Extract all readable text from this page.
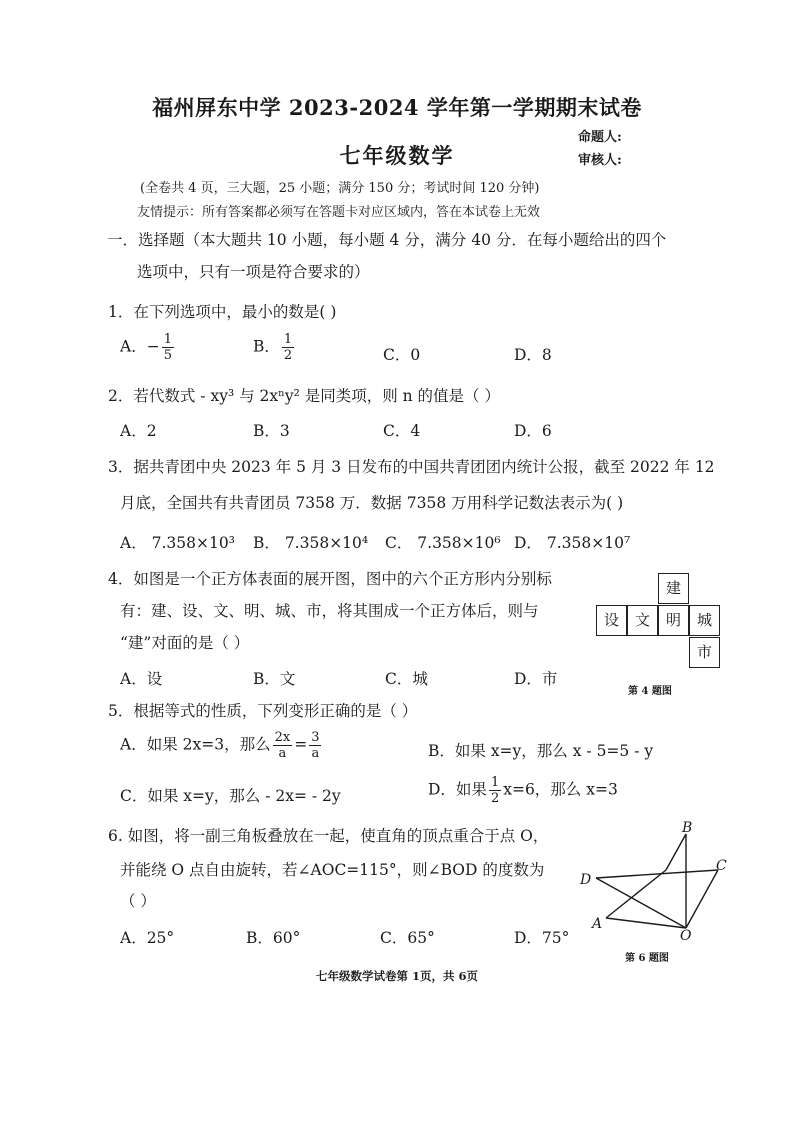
福州屏东中学 2023-2024 学年第一学期期末试卷
七年级数学
命题人:
审核人:
(全卷共 4 页，三大题，25 小题；满分 150 分；考试时间 120 分钟)
友情提示：所有答案都必须写在答题卡对应区域内，答在本试卷上无效
一．选择题（本大题共 10 小题，每小题 4 分，满分 40 分．在每小题给出的四个
选项中，只有一项是符合要求的）
1．在下列选项中，最小的数是( )
A．− $\frac{1}{5}$	B． $\frac{1}{2}$	C．0	D．8
2．若代数式 - xy³ 与 2xⁿy² 是同类项，则 n 的值是（ ）
A．2	B．3	C．4	D．6
3．据共青团中央 2023 年 5 月 3 日发布的中国共青团团内统计公报，截至 2022 年 12
月底，全国共有共青团员 7358 万．数据 7358 万用科学记数法表示为( )
A． 7.358×10³ B． 7.358×10⁴ C． 7.358×10⁶ D． 7.358×10⁷
4．如图是一个正方体表面的展开图，图中的六个正方形内分别标
有：建、设、文、明、城、市，将其围成一个正方体后，则与
“建”对面的是（ ）
A．设	B．文	C．城	D．市
建
设	文	明	城
市
第 4 题图
5．根据等式的性质，下列变形正确的是（ ）
A．如果 2x=3，那么 $\frac{2x}{a} = \frac{3}{a}$	B．如果 x=y，那么 x - 5=5 - y
C．如果 x=y，那么 - 2x= - 2y	D．如果 $\frac{1}{2} x=6$，那么 x=3
6. 如图，将一副三角板叠放在一起，使直角的顶点重合于点 O，
并能绕 O 点自由旋转，若∠AOC=115°，则∠BOD 的度数为
（ ）
A．25°	B．60°	C．65°	D．75°
B
C
D
A
O
第 6 题图
七年级数学试卷第 1页，共 6页
